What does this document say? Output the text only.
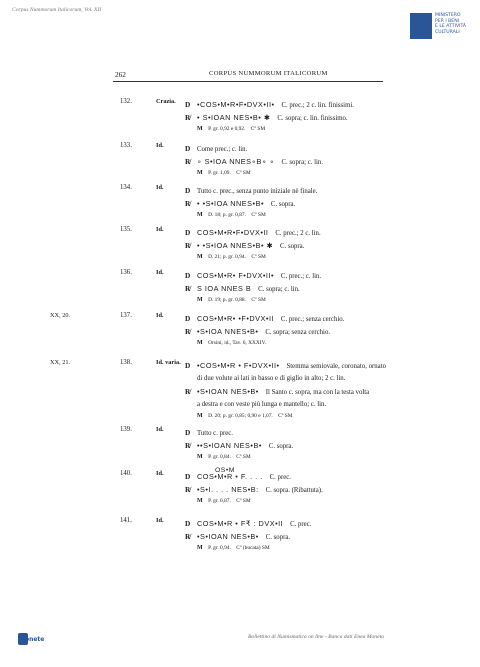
Corpus Nummorum Italicorum, Vol. XII
MINISTERO
PER I BENI
E LE ATTIVITÀ
CULTURALI
262	CORPUS NUMMORUM ITALICORUM
OS•M
132.	Crazia. D •COS•M•R•F•DVX•II•  C. prec.; 2 c. lin. finissimi.
R̸ • S•IOAN NES•B• ✱  C. sopra; c. lin. finissimo.
M  P. gr. 0,92 e 0,92.  Cº SM 
133.	Id.	D Come prec.; c. lin.
R̸ ∘ S•IOA NNES∘B∘ ∘  C. sopra; c. lin.
M  P. gr. 1,09.  Cº SM 
134.	Id.	D Tutto c. prec., senza punto iniziale nè finale.
R̸ • •S•IOA NNES•B•  C. sopra.
M  D. 18; p. gr. 0,87.  Cº SM 
135.	Id.	D COS•M•R•F•DVX•II  C. prec.; 2 c. lin.
R̸ • •S•IOA NNES•B• ✱  C. sopra.
M  D. 21; p. gr. 0,94.  Cº SM 
136.	Id.	D COS•M•R• F•DVX•II•  C. prec.; c. lin.
R̸ S IOA NNES B  C. sopra; c. lin.
M  D. 19; p. gr. 0,88.  Cº SM 
XX, 20.	137.	Id.	D COS•M•R• •F•DVX•II  C. prec.; senza cerchio.
R̸ •S•IOA NNES•B•  C. sopra; senza cerchio.
M  Orsini, id., Tav. 6, XXXIV.  
XX, 21.	138.	Id. varia. D •COS•M•R • F•DVX•II•  Stemma semiovale, coronato, ornato
di due volute ai lati in basso e di giglio in alto; 2 c. lin.
R̸ •S•IOAN NES•B•  Il Santo c. sopra, ma con la testa volta
a destra e con veste più lunga e mantello; c. lin.
M  D. 20; p. gr. 0,85; 0,90 e 1,07.  Cº SM 
139.	Id.	D Tutto c. prec.
R̸ ••S•IOAN NES•B•  C. sopra.
M  P. gr. 0,84.  Cº SM 
140.	Id.	D COS•M•R • F. . . .  C. prec.
R̸ •S•I. . . . NES•B:  C. sopra. (Ribattuta).
M  P. gr. 0,87.  Cº SM 
141.	Id.	D COS•M•R • F₹ : DVX•II  C. prec.
R̸ •S•IOAN NES•B•  C. sopra.
M  P. gr. 0,94.  Cº (bucata) SM 
Monete	Bollettino di Numismatica on line - Banca dati Enea Moneta
